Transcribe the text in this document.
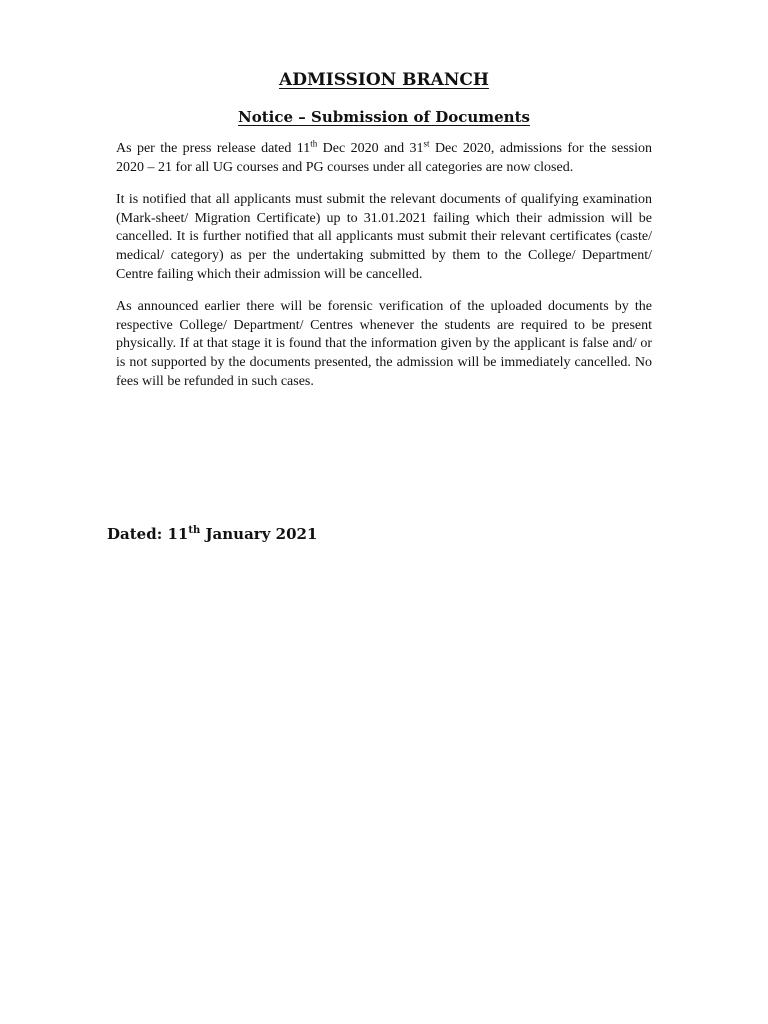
ADMISSION BRANCH
Notice – Submission of Documents

As per the press release dated 11th Dec 2020 and 31st Dec 2020, admissions for the session 2020 – 21 for all UG courses and PG courses under all categories are now closed.

It is notified that all applicants must submit the relevant documents of qualifying examination (Mark-sheet/ Migration Certificate) up to 31.01.2021 failing which their admission will be cancelled. It is further notified that all applicants must submit their relevant certificates (caste/ medical/ category) as per the undertaking submitted by them to the College/ Department/ Centre failing which their admission will be cancelled.

As announced earlier there will be forensic verification of the uploaded documents by the respective College/ Department/ Centres whenever the students are required to be present physically. If at that stage it is found that the information given by the applicant is false and/ or is not supported by the documents presented, the admission will be immediately cancelled. No fees will be refunded in such cases.

Dated: 11th January 2021
